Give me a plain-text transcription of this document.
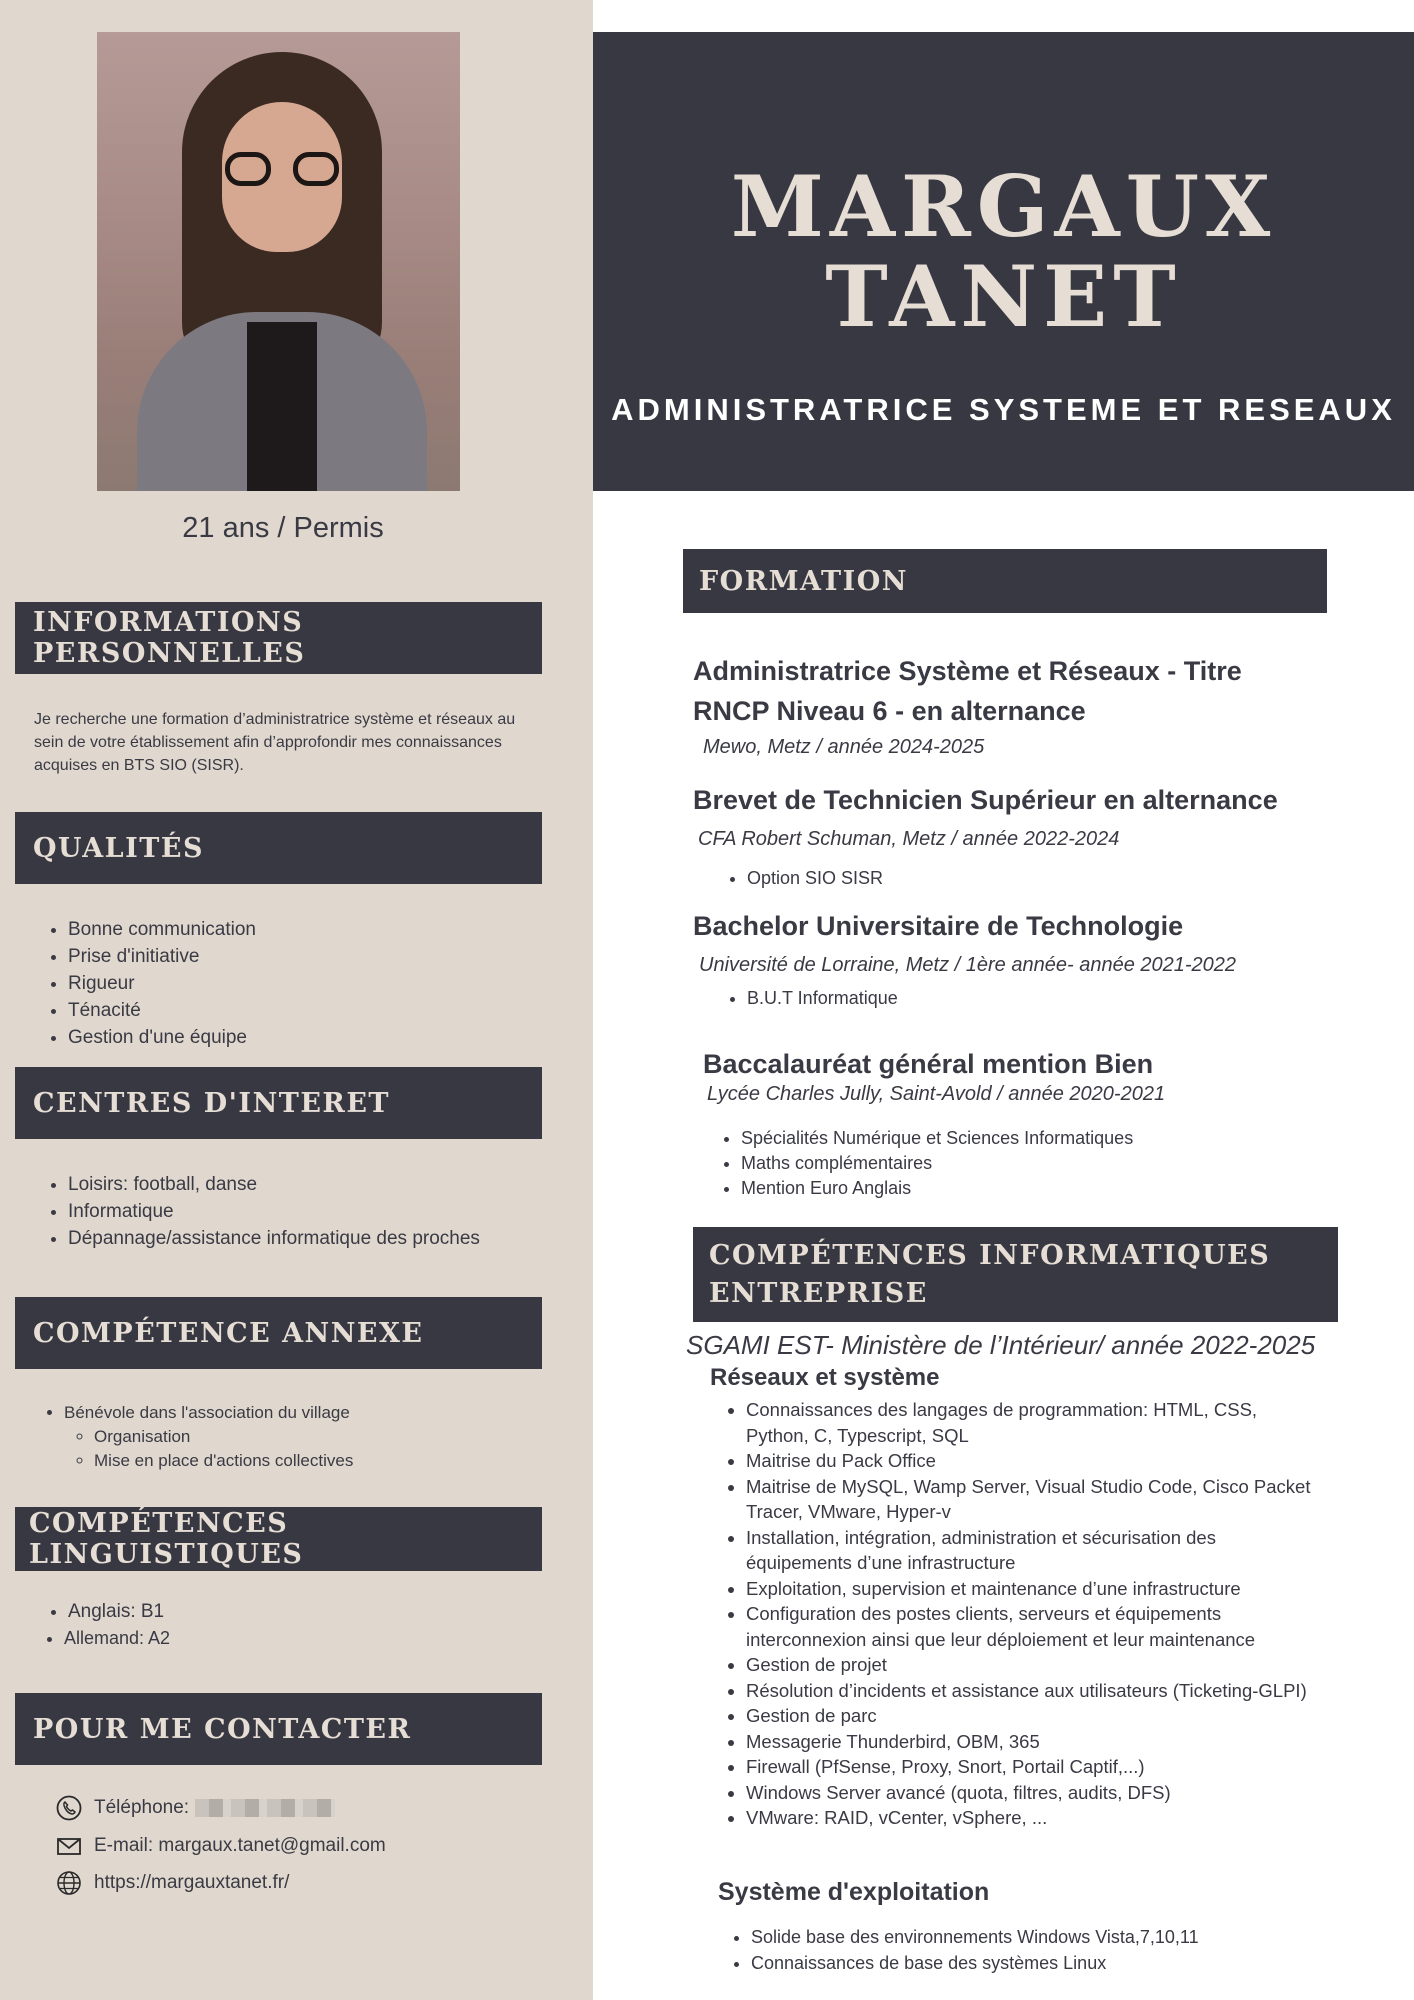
21 ans / Permis
INFORMATIONS PERSONNELLES

Je recherche une formation d’administratrice système et réseaux au sein de votre établissement afin d’approfondir mes connaissances acquises en BTS SIO (SISR).

QUALITÉS
• Bonne communication
• Prise d'initiative
• Rigueur
• Ténacité
• Gestion d'une équipe
CENTRES D'INTERET
• Loisirs: football, danse
• Informatique
• Dépannage/assistance informatique des proches
COMPÉTENCE ANNEXE
• Bénévole dans l'association du village
◦ Organisation
◦ Mise en place d'actions collectives
COMPÉTENCES LINGUISTIQUES
• Anglais: B1
• Allemand: A2
POUR ME CONTACTER
Téléphone:
E-mail: margaux.tanet@gmail.com
https://margauxtanet.fr/
MARGAUX
TANET
ADMINISTRATRICE SYSTEME ET RESEAUX
FORMATION
Administratrice Système et Réseaux - Titre
RNCP Niveau 6 - en alternance
Mewo, Metz / année 2024-2025
Brevet de Technicien Supérieur en alternance
CFA Robert Schuman, Metz / année 2022-2024
• Option SIO SISR
Bachelor Universitaire de Technologie
Université de Lorraine, Metz / 1ère année- année 2021-2022
• B.U.T Informatique
Baccalauréat général mention Bien
Lycée Charles Jully, Saint-Avold / année 2020-2021
• Spécialités Numérique et Sciences Informatiques
• Maths complémentaires
• Mention Euro Anglais
COMPÉTENCES INFORMATIQUES
ENTREPRISE
SGAMI EST- Ministère de l’Intérieur/ année 2022-2025
Réseaux et système
• Connaissances des langages de programmation: HTML, CSS, Python, C, Typescript, SQL
• Maitrise du Pack Office
• Maitrise de MySQL, Wamp Server, Visual Studio Code, Cisco Packet Tracer, VMware, Hyper-v
• Installation, intégration, administration et sécurisation des équipements d’une infrastructure
• Exploitation, supervision et maintenance d’une infrastructure
• Configuration des postes clients, serveurs et équipements interconnexion ainsi que leur déploiement et leur maintenance
• Gestion de projet
• Résolution d’incidents et assistance aux utilisateurs (Ticketing-GLPI)
• Gestion de parc
• Messagerie Thunderbird, OBM, 365
• Firewall (PfSense, Proxy, Snort, Portail Captif,...)
• Windows Server avancé (quota, filtres, audits, DFS)
• VMware: RAID, vCenter, vSphere, ...
Système d'exploitation
• Solide base des environnements Windows Vista,7,10,11
• Connaissances de base des systèmes Linux
